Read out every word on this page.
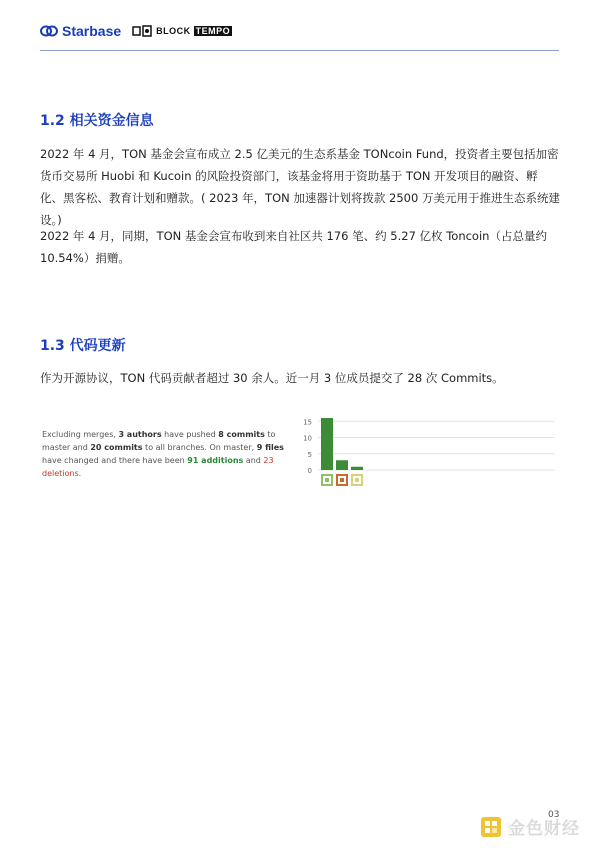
Starbase	BLOCK TEMPO
1.2 相关资金信息

2022 年 4 月，TON 基金会宣布成立 2.5 亿美元的生态系基金 TONcoin Fund，投资者主要包括加密货币交易所 Huobi 和 Kucoin 的风险投资部门，该基金将用于资助基于 TON 开发项目的融资、孵化、黑客松、教育计划和赠款。( 2023 年，TON 加速器计划将拨款 2500 万美元用于推进生态系统建设。)

2022 年 4 月，同期，TON 基金会宣布收到来自社区共 176 笔、约 5.27 亿枚 Toncoin（占总量约 10.54%）捐赠。

1.3 代码更新

作为开源协议，TON 代码贡献者超过 30 余人。近一月 3 位成员提交了 28 次 Commits。

Excluding merges, 3 authors have pushed 8 commits to master and 20 commits to all branches. On master, 9 files have changed and there have been 91 additions and 23 deletions.	0
5
10
15
03
金色财经
